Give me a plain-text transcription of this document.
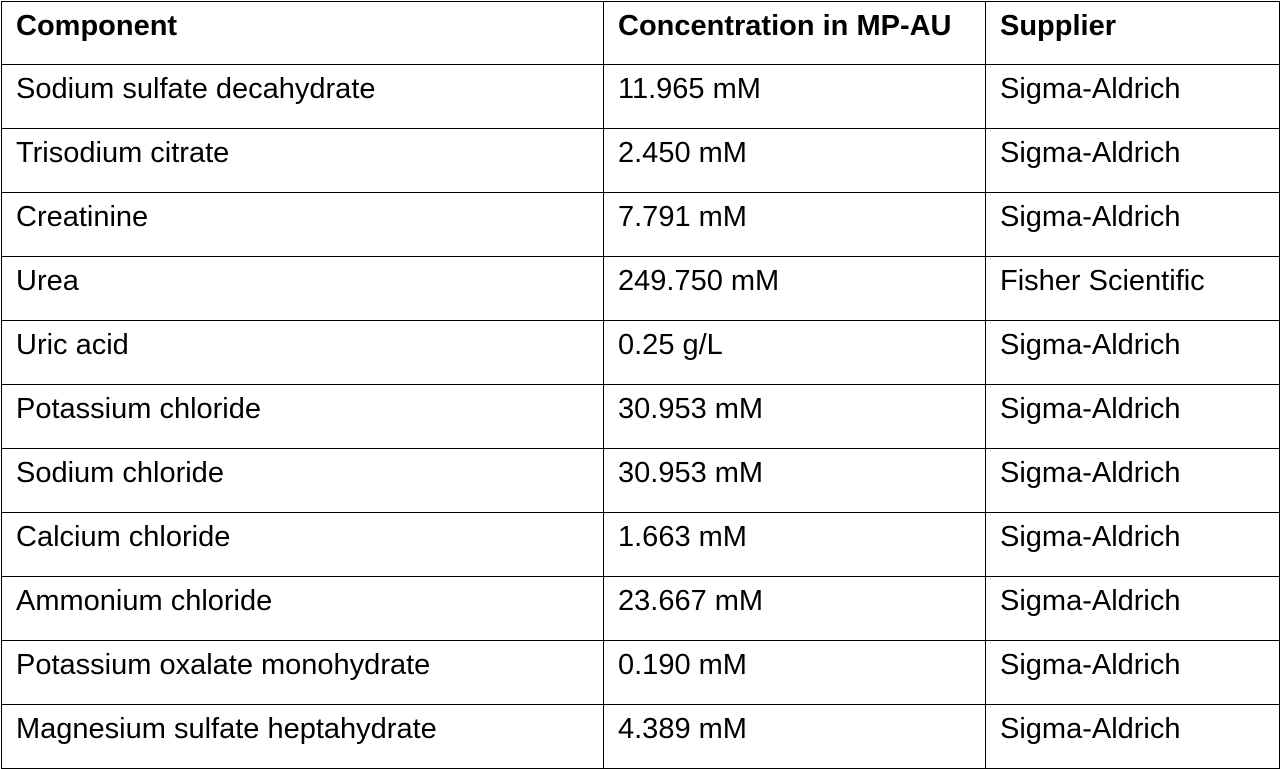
Component	Concentration in MP-AU	Supplier
Sodium sulfate decahydrate	11.965 mM	Sigma-Aldrich
Trisodium citrate	2.450 mM	Sigma-Aldrich
Creatinine	7.791 mM	Sigma-Aldrich
Urea	249.750 mM	Fisher Scientific
Uric acid	0.25 g/L	Sigma-Aldrich
Potassium chloride	30.953 mM	Sigma-Aldrich
Sodium chloride	30.953 mM	Sigma-Aldrich
Calcium chloride	1.663 mM	Sigma-Aldrich
Ammonium chloride	23.667 mM	Sigma-Aldrich
Potassium oxalate monohydrate	0.190 mM	Sigma-Aldrich
Magnesium sulfate heptahydrate	4.389 mM	Sigma-Aldrich
